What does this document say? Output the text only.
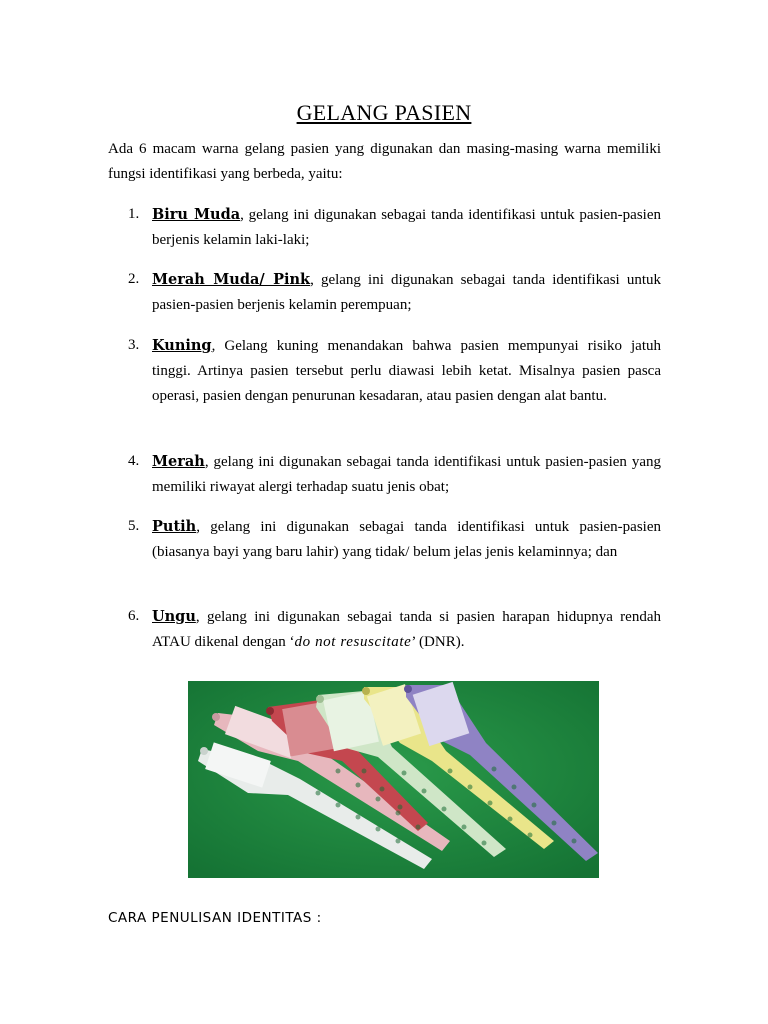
GELANG PASIEN
Ada 6 macam warna gelang pasien yang digunakan dan masing-masing warna memiliki fungsi identifikasi yang berbeda, yaitu:
1. Biru Muda, gelang ini digunakan sebagai tanda identifikasi untuk pasien-pasien berjenis kelamin laki-laki;
2. Merah Muda/ Pink, gelang ini digunakan sebagai tanda identifikasi untuk pasien-pasien berjenis kelamin perempuan;
3. Kuning, Gelang kuning menandakan bahwa pasien mempunyai risiko jatuh tinggi. Artinya pasien tersebut perlu diawasi lebih ketat. Misalnya pasien pasca operasi, pasien dengan penurunan kesadaran, atau pasien dengan alat bantu.
4. Merah, gelang ini digunakan sebagai tanda identifikasi untuk pasien-pasien yang memiliki riwayat alergi terhadap suatu jenis obat;
5. Putih, gelang ini digunakan sebagai tanda identifikasi untuk pasien-pasien (biasanya bayi yang baru lahir) yang tidak/ belum jelas jenis kelaminnya; dan
6. Ungu, gelang ini digunakan sebagai tanda si pasien harapan hidupnya rendah ATAU dikenal dengan ‘do not resuscitate’ (DNR).
CARA PENULISAN IDENTITAS :
